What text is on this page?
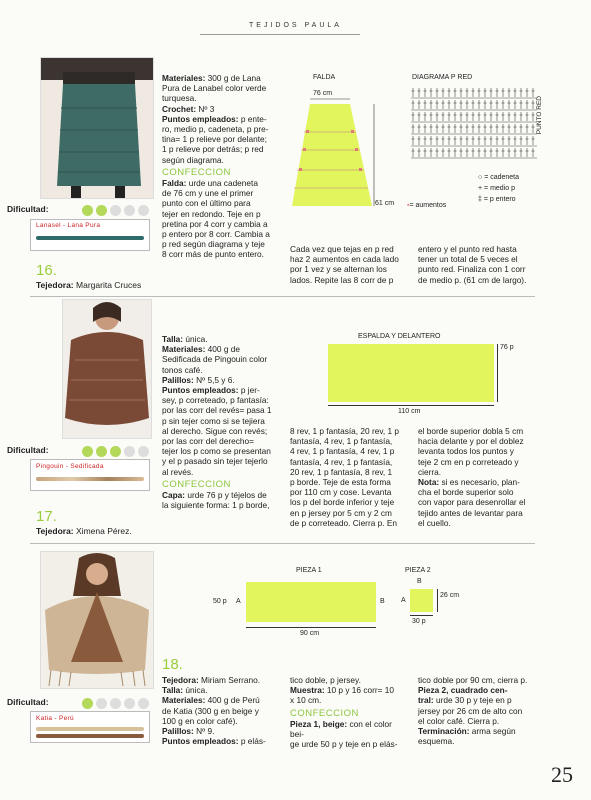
TEJIDOS PAULA
Dificultad:
Lanasel - Lana Pura
16.
Tejedora: Margarita Cruces
Materiales: 300 g de Lana
Pura de Lanabel color verde
turquesa.
Crochet: Nº 3
Puntos empleados: p ente-
ro, medio p, cadeneta, p pre-
tina= 1 p relieve por delante;
1 p relieve por detrás; p red
según diagrama.
CONFECCION
Falda: urde una cadeneta
de 76 cm y une el primer
punto con el último para
tejer en redondo. Teje en p
pretina por 4 corr y cambia a
p entero por 8 corr. Cambia a
p red según diagrama y teje
8 corr más de punto entero.
Cada vez que tejas en p red
haz 2 aumentos en cada lado
por 1 vez y se alternan los
lados. Repite las 8 corr de p
entero y el punto red hasta
tener un total de 5 veces el
punto red. Finaliza con 1 corr
de medio p. (61 cm de largo).
FALDA
76 cm
61 cm ▪= aumentos
DIAGRAMA P RED
PUNTO RED
○ = cadeneta
+ = medio p
‡ = p entero
Dificultad:
Pingouin - Sedificada
17.
Tejedora: Ximena Pérez.
Talla: única.
Materiales: 400 g de
Sedificada de Pingouin color
tonos café.
Palillos: Nº 5,5 y 6.
Puntos empleados: p jer-
sey, p correteado, p fantasía:
por las corr del revés= pasa 1
p sin tejer como si se tejiera
al derecho. Sigue con revés;
por las corr del derecho=
tejer los p como se presentan
y el p pasado sin tejer tejerlo
al revés.
CONFECCION
Capa: urde 76 p y téjelos de
la siguiente forma: 1 p borde,
8 rev, 1 p fantasía, 20 rev, 1 p
fantasía, 4 rev, 1 p fantasía,
4 rev, 1 p fantasía, 4 rev, 1 p
fantasía, 4 rev, 1 p fantasía,
20 rev, 1 p fantasía, 8 rev, 1
p borde. Teje de esta forma
por 110 cm y cose. Levanta
los p del borde inferior y teje
en p jersey por 5 cm y 2 cm
de p correteado. Cierra p. En
el borde superior dobla 5 cm
hacia delante y por el doblez
levanta todos los puntos y
teje 2 cm en p correteado y
cierra.
Nota: si es necesario, plan-
cha el borde superior solo
con vapor para desenrollar el
tejido antes de levantar para
el cuello.
ESPALDA Y DELANTERO
76 p
110 cm
Dificultad:
Katia - Perú
18.
Tejedora: Miriam Serrano.
Talla: única.
Materiales: 400 g de Perú
de Katia (300 g en beige y
100 g en color café).
Palillos: Nº 9.
Puntos empleados: p elás-
tico doble, p jersey.
Muestra: 10 p y 16 corr= 10
x 10 cm.
CONFECCION
Pieza 1, beige: con el color bei-
ge urde 50 p y teje en p elás-
tico doble por 90 cm, cierra p.
Pieza 2, cuadrado cen-
tral: urde 30 p y teje en p
jersey por 26 cm de alto con
el color café. Cierra p.
Terminación: arma según
esquema.
PIEZA 1
50 p A	B
90 cm
PIEZA 2
B
A
26 cm
30 p
25
